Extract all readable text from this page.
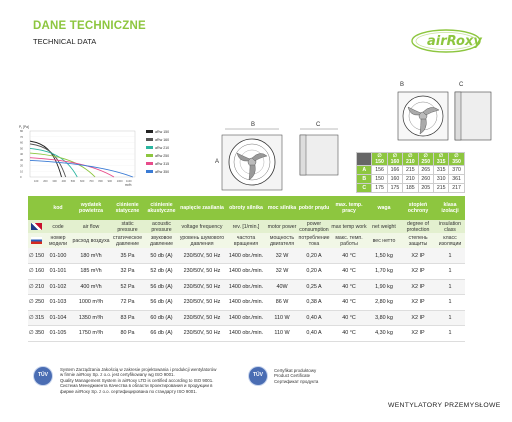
DANE TECHNICZNE
TECHNICAL DATA	airRoxy
P₁ [Pa]
m³/h
80
70
60
50
40
30
20
10
0
100 200 300 400 500 600 700 800 900 1000 1100
aRw 150
aRw 160
aRw 210
aRw 250
aRw 315
aRw 350
A
B	C
B	C
	∅ 150	∅ 160	∅ 210	∅ 250	∅ 315	∅ 350
A	156	166	215	265	315	370
B	150	160	210	260	310	361
C	175	175	185	205	215	217
	kod	wydatek powietrza	ciśnienie statyczne	ciśnienie akustyczne	napięcie zasilania	obroty silnika	moc silnika	pobór prądu	max. temp. pracy	waga	stopień ochrony	klasa izolacji

	code	air flow	static pressure	acoustic pressure	voltage frequency	rev. [1/min.]	motor power	power consumption	max temp work	net weight	degree of protection	insulation class

	номер модели	расход воздуха	статическое давление	звуковое давление	уровень шумового давления	частота вращения	мощность двигателя	потребление тока	макс. темп. работы	вес нетто	степень защиты	класс изоляции
∅ 150	01-100	180 m³/h	35 Pa	50 db (A)	230/50V, 50 Hz	1400 obr./min.	32 W	0,20 A	40 °C	1,50 kg	X2 IP	1
∅ 160	01-101	185 m³/h	32 Pa	52 db (A)	230/50V, 50 Hz	1400 obr./min.	32 W	0,20 A	40 °C	1,70 kg	X2 IP	1
∅ 210	01-102	400 m³/h	52 Pa	56 db (A)	230/50V, 50 Hz	1400 obr./min.	40W	0,25 A	40 °C	1,90 kg	X2 IP	1
∅ 250	01-103	1000 m³/h	72 Pa	56 db (A)	230/50V, 50 Hz	1400 obr./min.	86 W	0,38 A	40 °C	2,80 kg	X2 IP	1
∅ 315	01-104	1350 m³/h	83 Pa	60 db (A)	230/50V, 50 Hz	1400 obr./min.	110 W	0,40 A	40 °C	3,80 kg	X2 IP	1
∅ 350	01-105	1750 m³/h	80 Pa	66 db (A)	230/50V, 50 Hz	1400 obr./min.	110 W	0,40 A	40 °C	4,30 kg	X2 IP	1
TÜV
System Zarządzania Jakością w zakresie projektowania i produkcji wentylatorów
w firmie airRoxy Sp. z o.o. jest certyfikowany wg ISO 9001.
Quality Management System in airRoxy LTD is certified according to ISO 9001.
Система Менеджмента Качества в области проектирования и продукции в
фирме airRoxy Sp. z o.o. сертифицирована по стандарту ISO 9001.
TÜV
Certyfikat produktowy
Product Certificate
Сертификат продукта
WENTYLATORY PRZEMYSŁOWE
